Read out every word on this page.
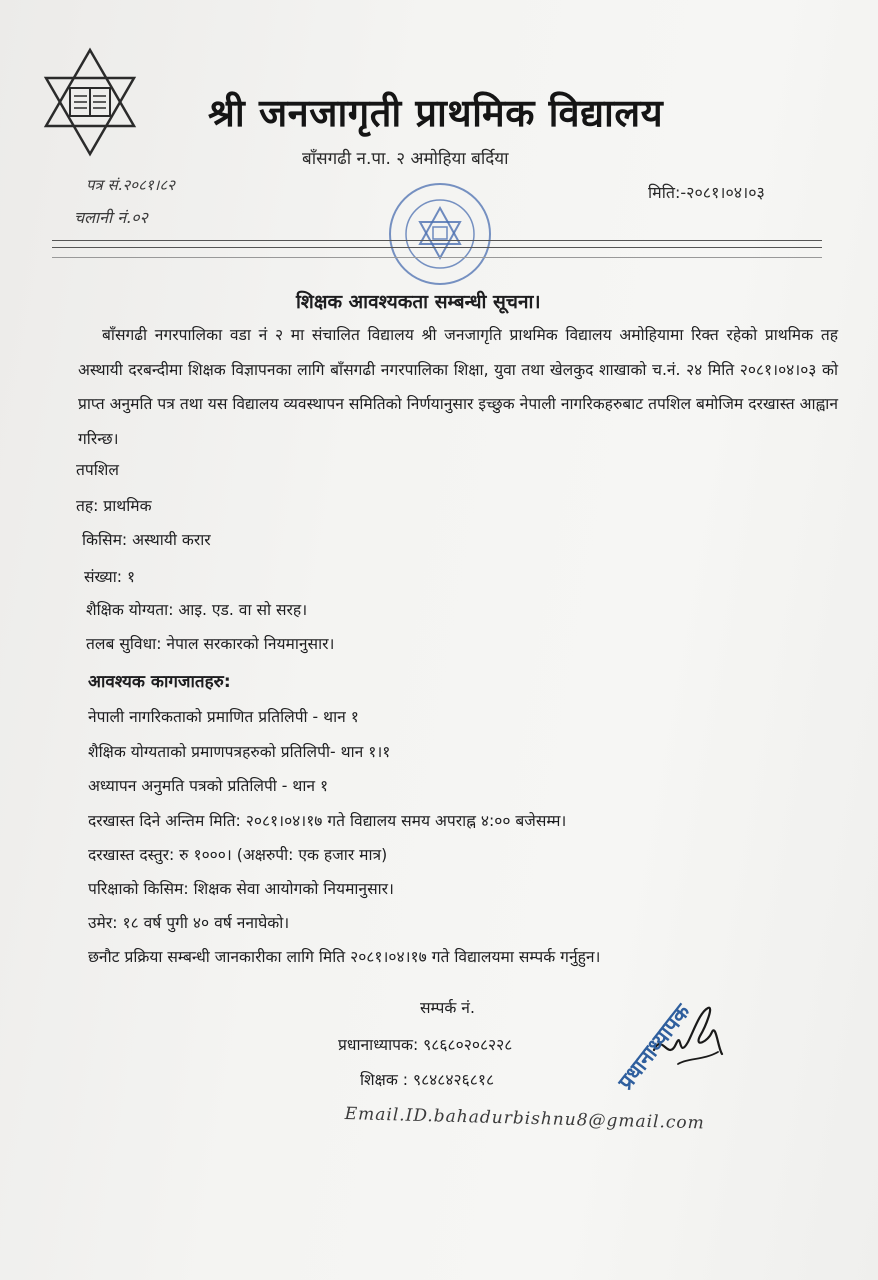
श्री जनजागृती प्राथमिक विद्यालय
बाँसगढी न.पा. २ अमोहिया बर्दिया
पत्र सं.२०८१।८२
चलानी नं.०२
मिति:-२०८१।०४।०३
शिक्षक आवश्यकता सम्बन्धी सूचना।
बाँसगढी नगरपालिका वडा नं २ मा संचालित विद्यालय श्री जनजागृति प्राथमिक विद्यालय अमोहियामा रिक्त रहेको प्राथमिक तह अस्थायी दरबन्दीमा शिक्षक विज्ञापनका लागि बाँसगढी नगरपालिका शिक्षा, युवा तथा खेलकुद शाखाको च.नं. २४ मिति २०८१।०४।०३ को प्राप्त अनुमति पत्र तथा यस विद्यालय व्यवस्थापन समितिको निर्णयानुसार इच्छुक नेपाली नागरिकहरुबाट तपशिल बमोजिम दरखास्त आह्वान गरिन्छ।
तपशिल
तह: प्राथमिक
किसिम: अस्थायी करार
संख्या: १
शैक्षिक योग्यता: आइ. एड. वा सो सरह।
तलब सुविधा: नेपाल सरकारको नियमानुसार।
आवश्यक कागजातहरु:
नेपाली नागरिकताको प्रमाणित प्रतिलिपी - थान १
शैक्षिक योग्यताको प्रमाणपत्रहरुको प्रतिलिपी- थान १।१
अध्यापन अनुमति पत्रको प्रतिलिपी - थान १
दरखास्त दिने अन्तिम मिति: २०८१।०४।१७ गते विद्यालय समय अपराह्न ४:०० बजेसम्म।
दरखास्त दस्तुर: रु १०००। (अक्षरुपी: एक हजार मात्र)
परिक्षाको किसिम: शिक्षक सेवा आयोगको नियमानुसार।
उमेर: १८ वर्ष पुगी ४० वर्ष ननाघेको।
छनौट प्रक्रिया सम्बन्धी जानकारीका लागि मिति २०८१।०४।१७ गते विद्यालयमा सम्पर्क गर्नुहुन।
सम्पर्क नं.
प्रधानाध्यापक: ९८६८०२०८२२८
शिक्षक : ९८४८४२६८१८
Email.ID.bahadurbishnu8@gmail.com
प्रधानाध्यापक
